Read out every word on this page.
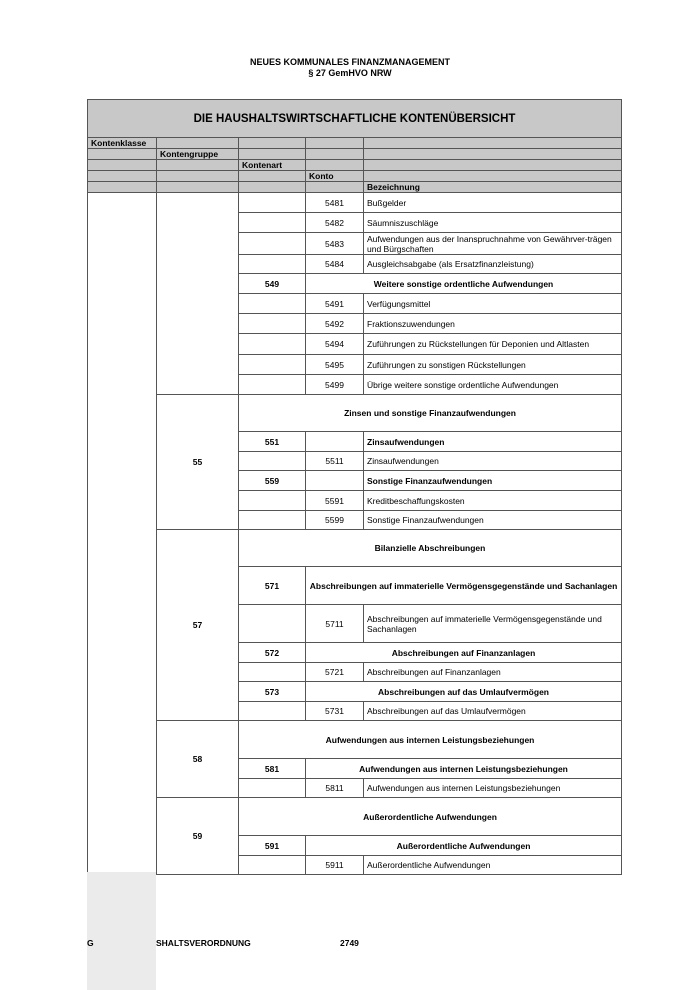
NEUES KOMMUNALES FINANZMANAGEMENT
§ 27 GemHVO NRW
DIE HAUSHALTSWIRTSCHAFTLICHE KONTENÜBERSICHT				
Kontenklasse				
	Kontengruppe			
		Kontenart		
			Konto	
				Bezeichnung
			5481	Bußgelder
			5482	Säumniszuschläge
			5483	Aufwendungen aus der Inanspruchnahme von Gewährver-trägen und Bürgschaften
			5484	Ausgleichsabgabe (als Ersatzfinanzleistung)
		549	Weitere sonstige ordentliche Aufwendungen	
			5491	Verfügungsmittel
			5492	Fraktionszuwendungen
			5494	Zuführungen zu Rückstellungen für Deponien und Altlasten
			5495	Zuführungen zu sonstigen Rückstellungen
			5499	Übrige weitere sonstige ordentliche Aufwendungen
	55	Zinsen und sonstige Finanzaufwendungen		
		551		Zinsaufwendungen
			5511	Zinsaufwendungen
		559		Sonstige Finanzaufwendungen
			5591	Kreditbeschaffungskosten
			5599	Sonstige Finanzaufwendungen
	57	Bilanzielle Abschreibungen		
		571	Abschreibungen auf immaterielle Vermögensgegenstände und Sachanlagen	
			5711	Abschreibungen auf immaterielle Vermögensgegenstände und Sachanlagen
		572	Abschreibungen auf Finanzanlagen	
			5721	Abschreibungen auf Finanzanlagen
		573	Abschreibungen auf das Umlaufvermögen	
			5731	Abschreibungen auf das Umlaufvermögen
	58	Aufwendungen aus internen Leistungsbeziehungen		
		581	Aufwendungen aus internen Leistungsbeziehungen	
			5811	Aufwendungen aus internen Leistungsbeziehungen
	59	Außerordentliche Aufwendungen		
		591	Außerordentliche Aufwendungen	
			5911	Außerordentliche Aufwendungen
G	SHALTSVERORDNUNG	2749
